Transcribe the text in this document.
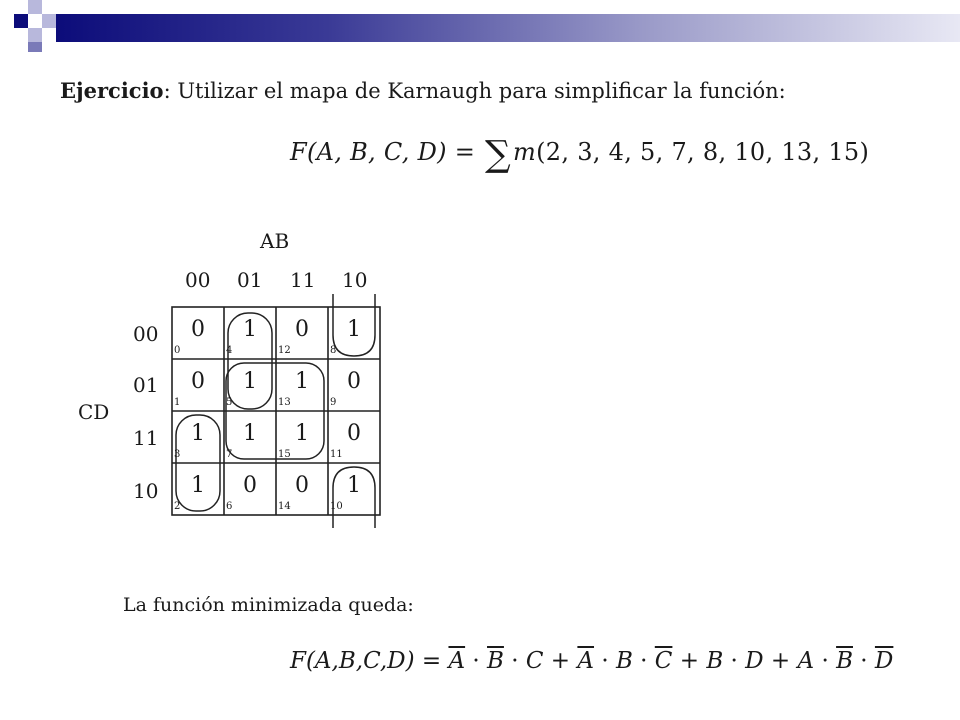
Ejercicio: Utilizar el mapa de Karnaugh para simplificar la función:
F(A, B, C, D) = ∑m(2, 3, 4, 5, 7, 8, 10, 13, 15)
AB
CD
00 01 11 10
00
01
11
10
0
0
1
4
0
12
1
8
0
1
1
5
1
13
0
9
1
3
1
7
1
15
0
11
1
2
0
6
0
14
1
10
La función minimizada queda:
$F(A,B,C,D) = \overline{A} \cdot \overline{B} \cdot C + \overline{A} \cdot B \cdot \overline{C} + B \cdot D + A \cdot \overline{B} \cdot \overline{D}$
